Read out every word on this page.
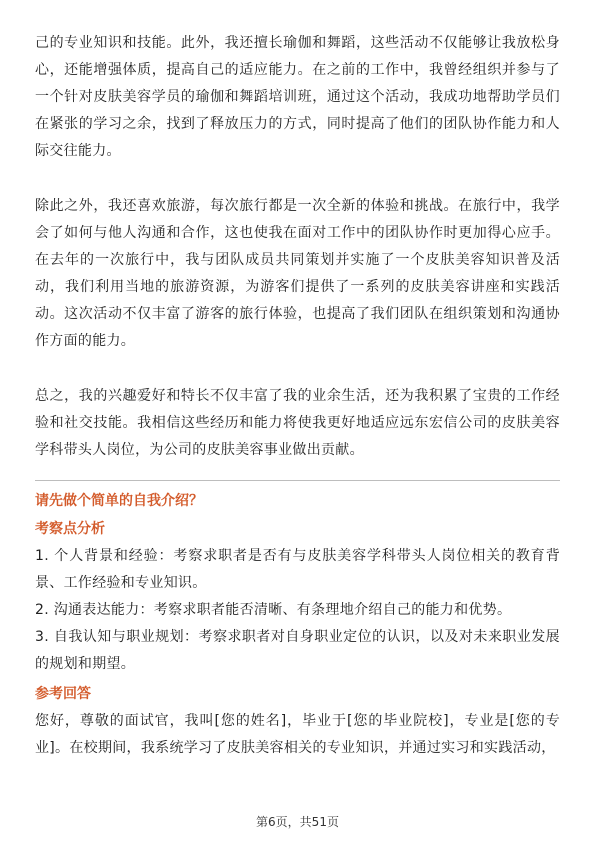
己的专业知识和技能。此外，我还擅长瑜伽和舞蹈，这些活动不仅能够让我放松身心，还能增强体质，提高自己的适应能力。在之前的工作中，我曾经组织并参与了一个针对皮肤美容学员的瑜伽和舞蹈培训班，通过这个活动，我成功地帮助学员们在紧张的学习之余，找到了释放压力的方式，同时提高了他们的团队协作能力和人际交往能力。

除此之外，我还喜欢旅游，每次旅行都是一次全新的体验和挑战。在旅行中，我学会了如何与他人沟通和合作，这也使我在面对工作中的团队协作时更加得心应手。在去年的一次旅行中，我与团队成员共同策划并实施了一个皮肤美容知识普及活动，我们利用当地的旅游资源，为游客们提供了一系列的皮肤美容讲座和实践活动。这次活动不仅丰富了游客的旅行体验，也提高了我们团队在组织策划和沟通协作方面的能力。

总之，我的兴趣爱好和特长不仅丰富了我的业余生活，还为我积累了宝贵的工作经验和社交技能。我相信这些经历和能力将使我更好地适应远东宏信公司的皮肤美容学科带头人岗位，为公司的皮肤美容事业做出贡献。

请先做个简单的自我介绍？

考察点分析

1. 个人背景和经验：考察求职者是否有与皮肤美容学科带头人岗位相关的教育背景、工作经验和专业知识。

2. 沟通表达能力：考察求职者能否清晰、有条理地介绍自己的能力和优势。

3. 自我认知与职业规划：考察求职者对自身职业定位的认识，以及对未来职业发展的规划和期望。

参考回答

您好，尊敬的面试官，我叫[您的姓名]，毕业于[您的毕业院校]，专业是[您的专业]。在校期间，我系统学习了皮肤美容相关的专业知识，并通过实习和实践活动，

第6页，共51页
